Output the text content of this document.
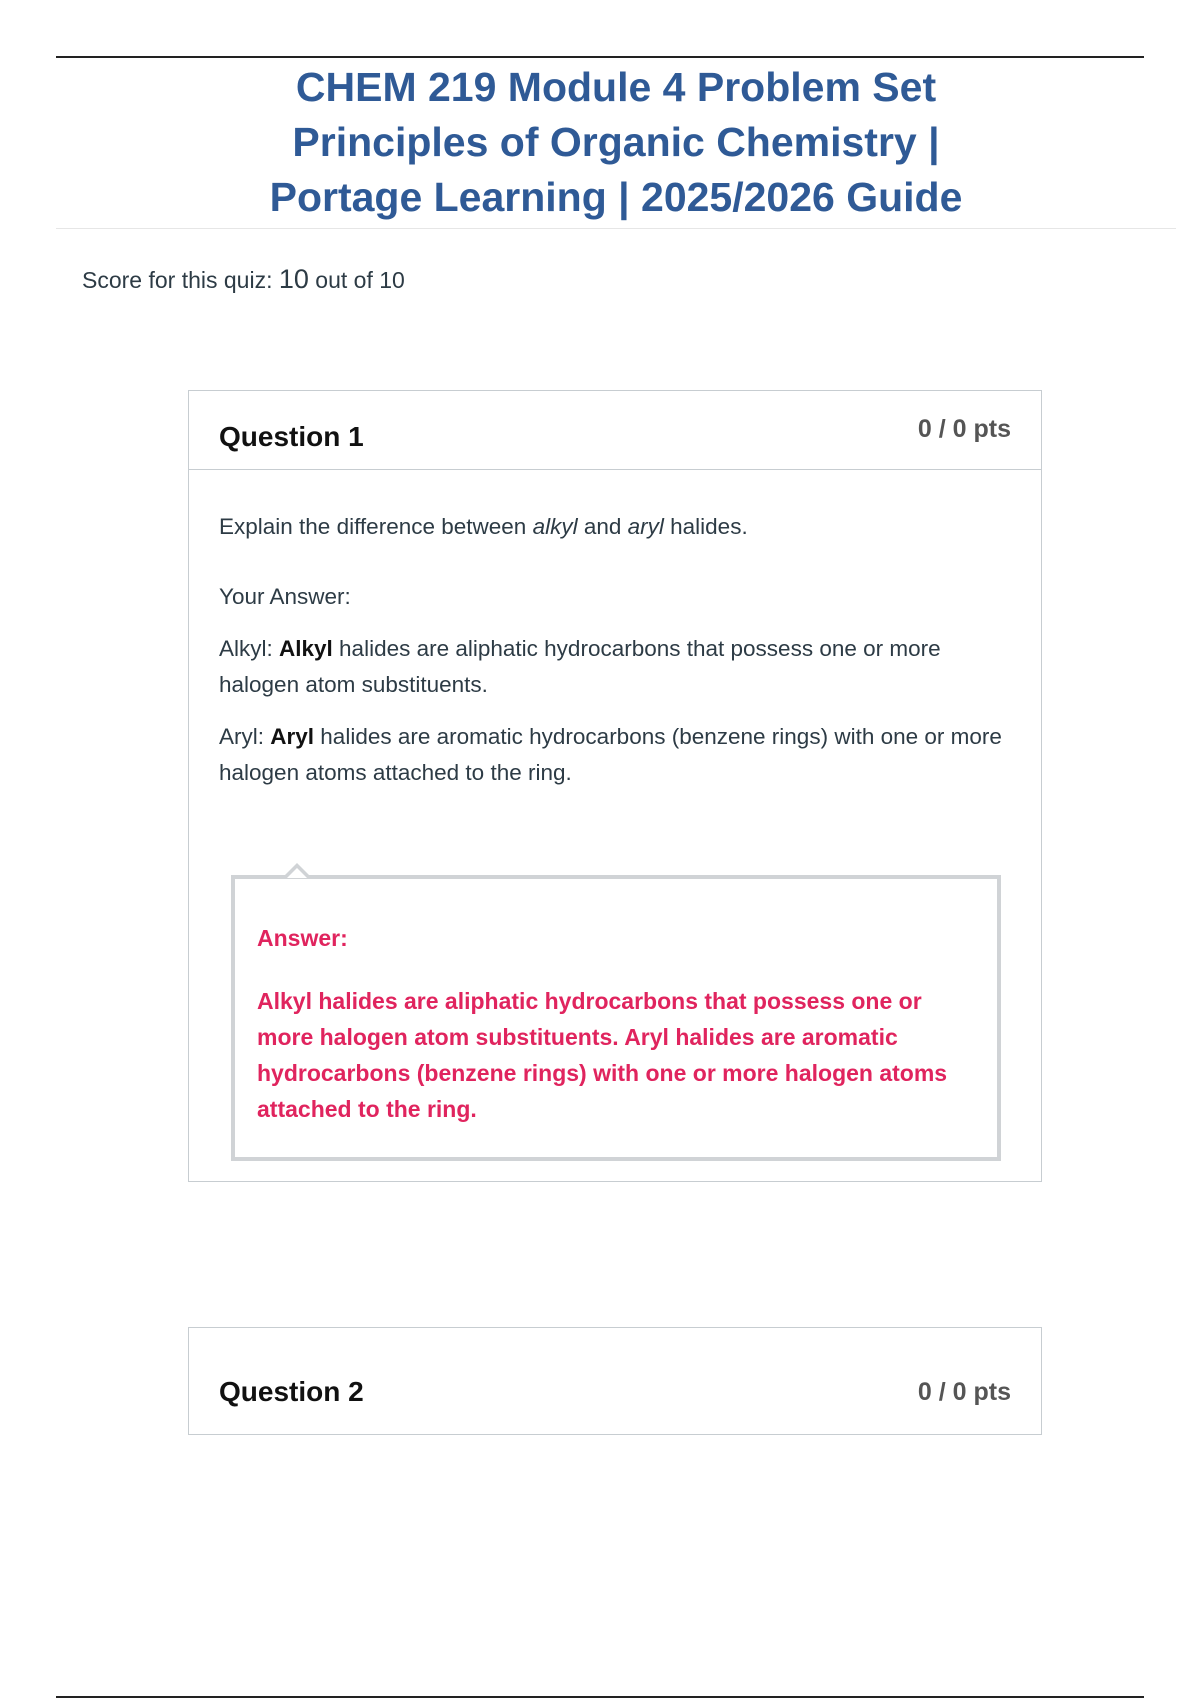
CHEM 219 Module 4 Problem Set
Principles of Organic Chemistry |
Portage Learning | 2025/2026 Guide
Score for this quiz: 10 out of 10
Question 1	0 / 0 pts

Explain the difference between alkyl and aryl halides.

Your Answer:

Alkyl: Alkyl halides are aliphatic hydrocarbons that possess one or more halogen atom substituents.

Aryl: Aryl halides are aromatic hydrocarbons (benzene rings) with one or more halogen atoms attached to the ring.

Answer:
Alkyl halides are aliphatic hydrocarbons that possess one or more halogen atom substituents. Aryl halides are aromatic hydrocarbons (benzene rings) with one or more halogen atoms attached to the ring.
Question 2	0 / 0 pts
